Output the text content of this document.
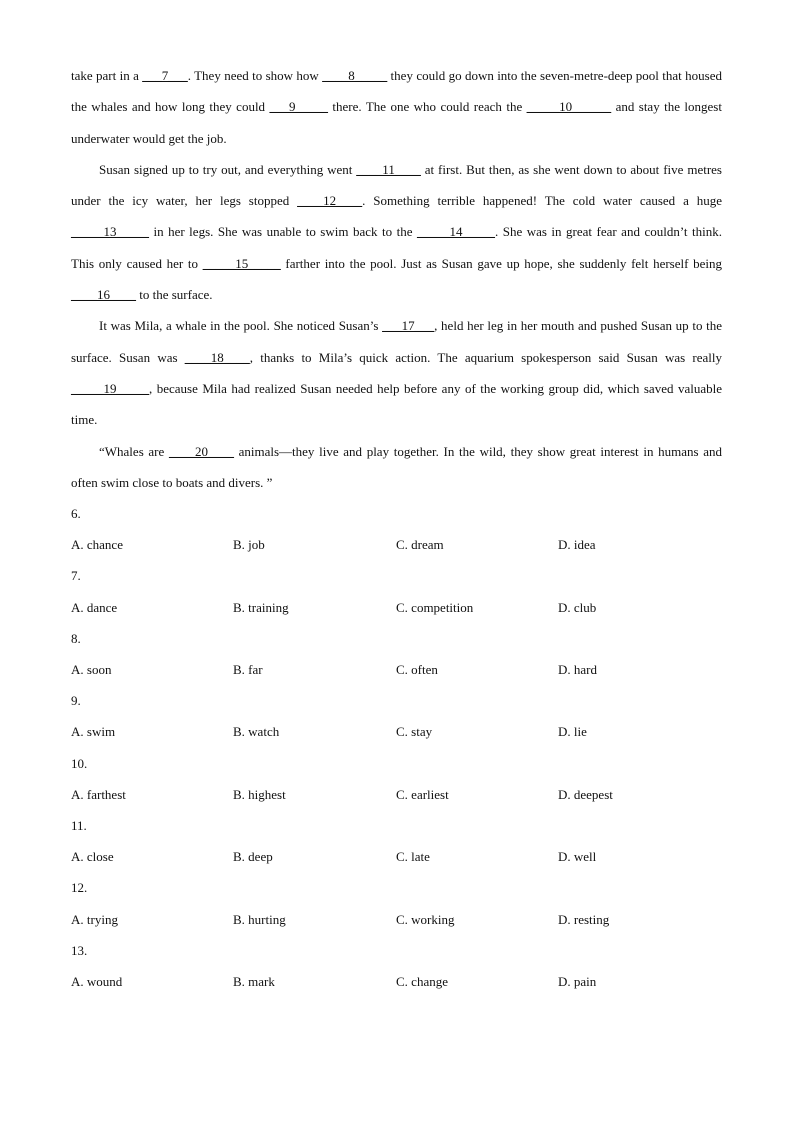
take part in a ___7___. They need to show how ____8_____ they could go down into the seven-metre-deep pool that housed the whales and how long they could ___9_____ there. The one who could reach the _____10______ and stay the longest underwater would get the job.

Susan signed up to try out, and everything went ____11____ at first. But then, as she went down to about five metres under the icy water, her legs stopped ____12____. Something terrible happened! The cold water caused a huge _____13_____ in her legs. She was unable to swim back to the _____14_____. She was in great fear and couldn’t think. This only caused her to _____15_____ farther into the pool. Just as Susan gave up hope, she suddenly felt herself being ____16____ to the surface.

It was Mila, a whale in the pool. She noticed Susan’s ___17___, held her leg in her mouth and pushed Susan up to the surface. Susan was ____18____, thanks to Mila’s quick action. The aquarium spokesperson said Susan was really _____19_____, because Mila had realized Susan needed help before any of the working group did, which saved valuable time.

“Whales are ____20____ animals—they live and play together. In the wild, they show great interest in humans and often swim close to boats and divers. ”

6.
A. chance	B. job	C. dream	D. idea
7.
A. dance	B. training	C. competition	D. club
8.
A. soon	B. far	C. often	D. hard
9.
A. swim	B. watch	C. stay	D. lie
10.
A. farthest	B. highest	C. earliest	D. deepest
11.
A. close	B. deep	C. late	D. well
12.
A. trying	B. hurting	C. working	D. resting
13.
A. wound	B. mark	C. change	D. pain
